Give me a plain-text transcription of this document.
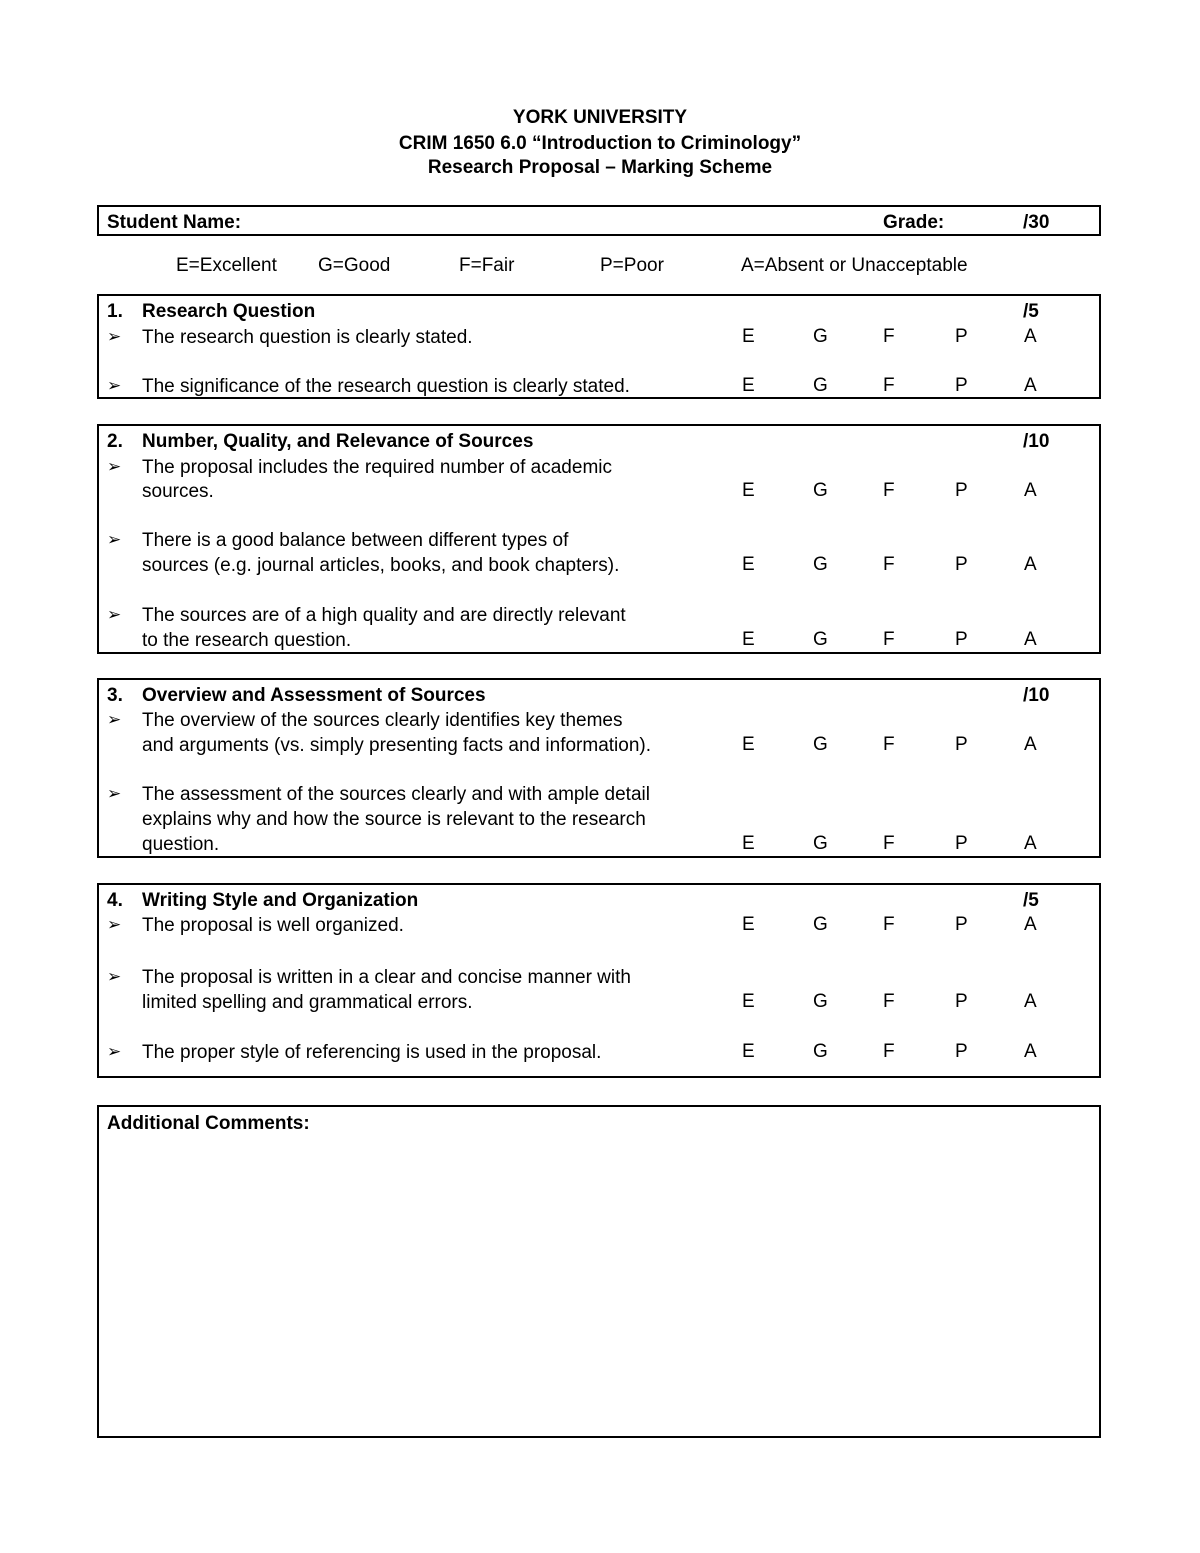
YORK UNIVERSITY
CRIM 1650 6.0 “Introduction to Criminology”
Research Proposal – Marking Scheme
Student Name:	Grade:	/30
E=Excellent G=Good	F=Fair	P=Poor	A=Absent or Unacceptable
1. Research Question	/5
➢ The research question is clearly stated.	E	G	F	P	A
➢ The significance of the research question is clearly stated.	E	G	F	P	A
2. Number, Quality, and Relevance of Sources	/10
➢ The proposal includes the required number of academic
sources.	E	G	F	P	A
➢ There is a good balance between different types of
sources (e.g. journal articles, books, and book chapters).	E	G	F	P	A
➢ The sources are of a high quality and are directly relevant
to the research question.	E	G	F	P	A
3. Overview and Assessment of Sources	/10
➢ The overview of the sources clearly identifies key themes
and arguments (vs. simply presenting facts and information).	E	G	F	P	A
➢ The assessment of the sources clearly and with ample detail
explains why and how the source is relevant to the research
question.	E	G	F	P	A
4. Writing Style and Organization	/5
➢ The proposal is well organized.	E	G	F	P	A
➢ The proposal is written in a clear and concise manner with
limited spelling and grammatical errors.	E	G	F	P	A
➢ The proper style of referencing is used in the proposal.	E	G	F	P	A
Additional Comments:
